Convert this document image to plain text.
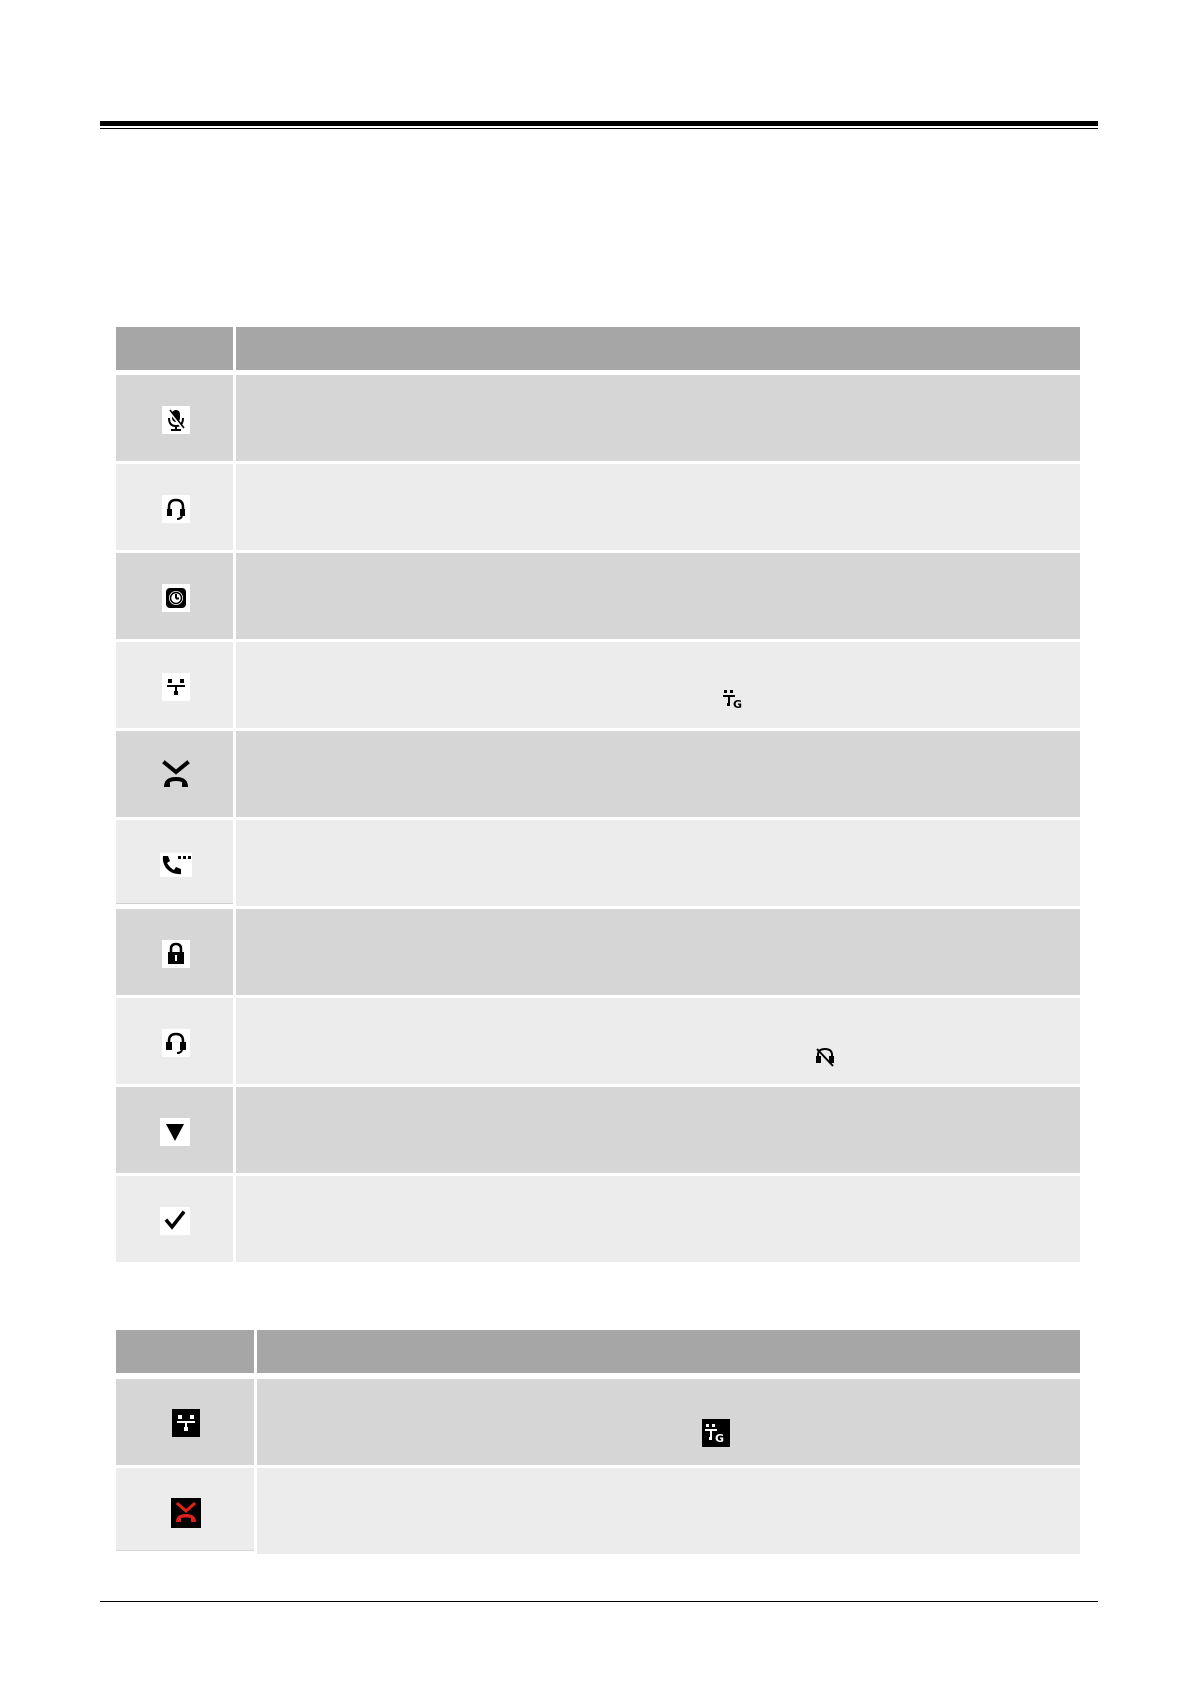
G
G
